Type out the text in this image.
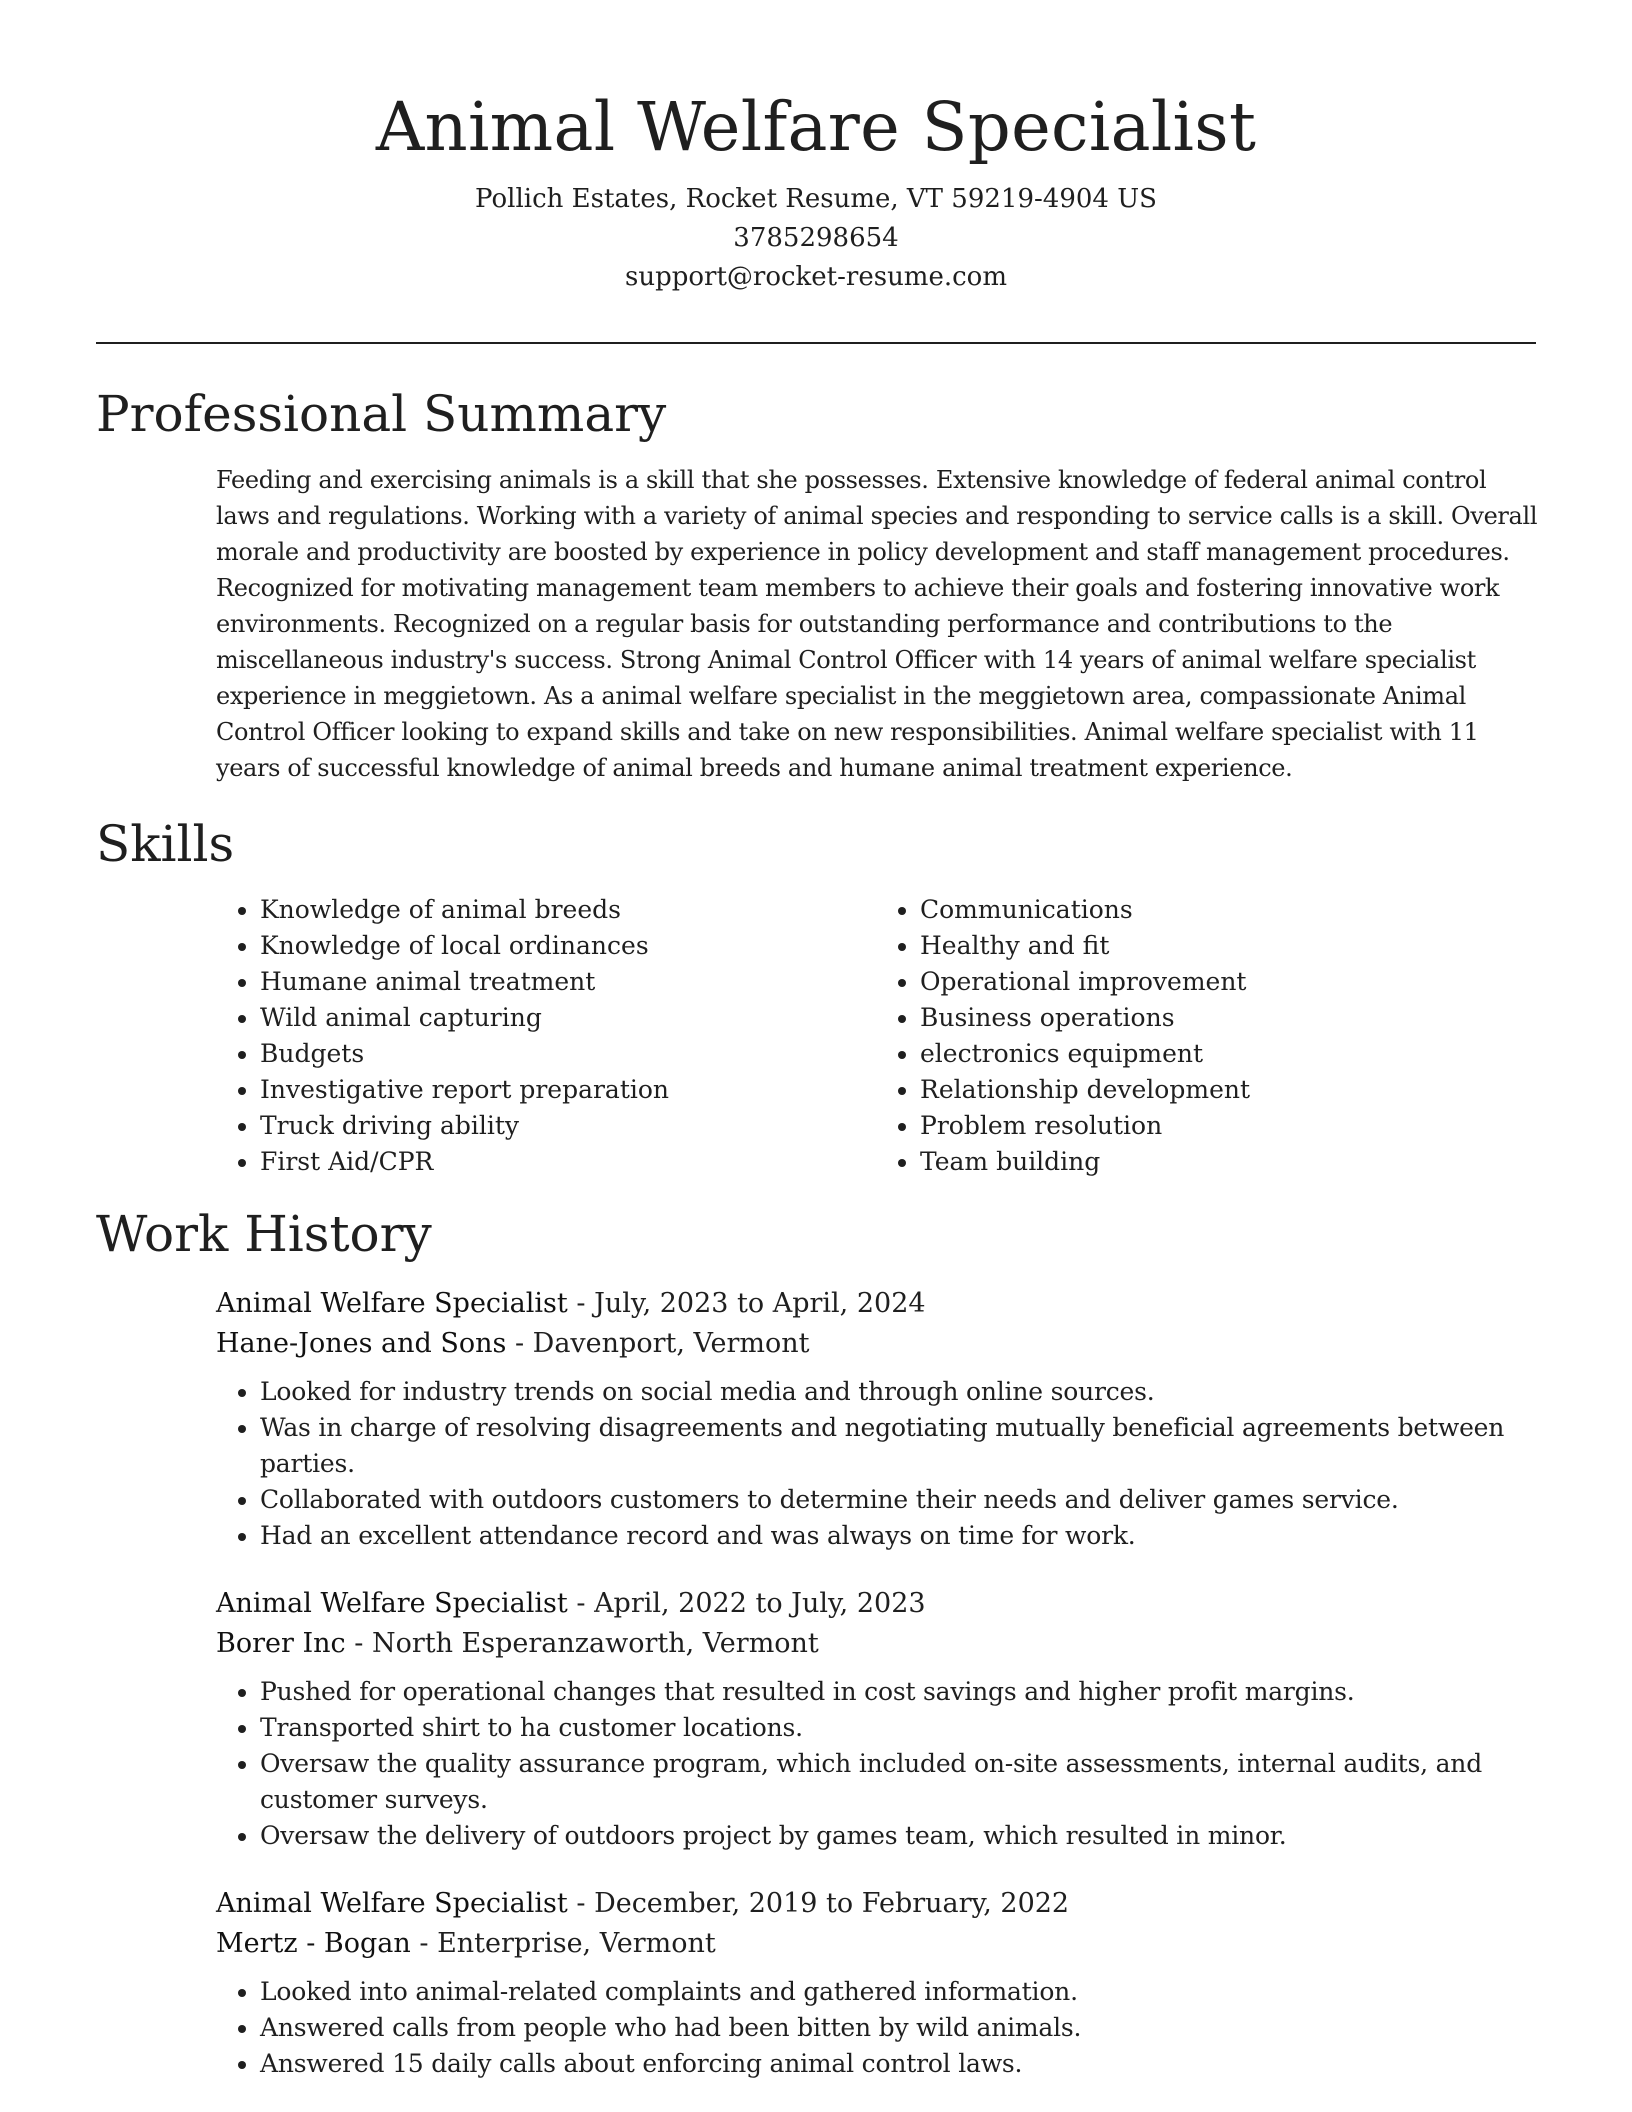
Animal Welfare Specialist

Pollich Estates, Rocket Resume, VT 59219-4904 US

3785298654

support@rocket-resume.com

Professional Summary

Feeding and exercising animals is a skill that she possesses. Extensive knowledge of federal animal control laws and regulations. Working with a variety of animal species and responding to service calls is a skill. Overall morale and productivity are boosted by experience in policy development and staff management procedures. Recognized for motivating management team members to achieve their goals and fostering innovative work environments. Recognized on a regular basis for outstanding performance and contributions to the miscellaneous industry's success. Strong Animal Control Officer with 14 years of animal welfare specialist experience in meggietown. As a animal welfare specialist in the meggietown area, compassionate Animal Control Officer looking to expand skills and take on new responsibilities. Animal welfare specialist with 11 years of successful knowledge of animal breeds and humane animal treatment experience.

Skills
• Knowledge of animal breeds
• Knowledge of local ordinances
• Humane animal treatment
• Wild animal capturing
• Budgets
• Investigative report preparation
• Truck driving ability
• First Aid/CPR
• Communications
• Healthy and fit
• Operational improvement
• Business operations
• electronics equipment
• Relationship development
• Problem resolution
• Team building
Work History

Animal Welfare Specialist - July, 2023 to April, 2024

Hane-Jones and Sons - Davenport, Vermont

• Looked for industry trends on social media and through online sources.
• Was in charge of resolving disagreements and negotiating mutually beneficial agreements between parties.
• Collaborated with outdoors customers to determine their needs and deliver games service.
• Had an excellent attendance record and was always on time for work.

Animal Welfare Specialist - April, 2022 to July, 2023

Borer Inc - North Esperanzaworth, Vermont

• Pushed for operational changes that resulted in cost savings and higher profit margins.
• Transported shirt to ha customer locations.
• Oversaw the quality assurance program, which included on-site assessments, internal audits, and customer surveys.
• Oversaw the delivery of outdoors project by games team, which resulted in minor.

Animal Welfare Specialist - December, 2019 to February, 2022

Mertz - Bogan - Enterprise, Vermont

• Looked into animal-related complaints and gathered information.
• Answered calls from people who had been bitten by wild animals.
• Answered 15 daily calls about enforcing animal control laws.
